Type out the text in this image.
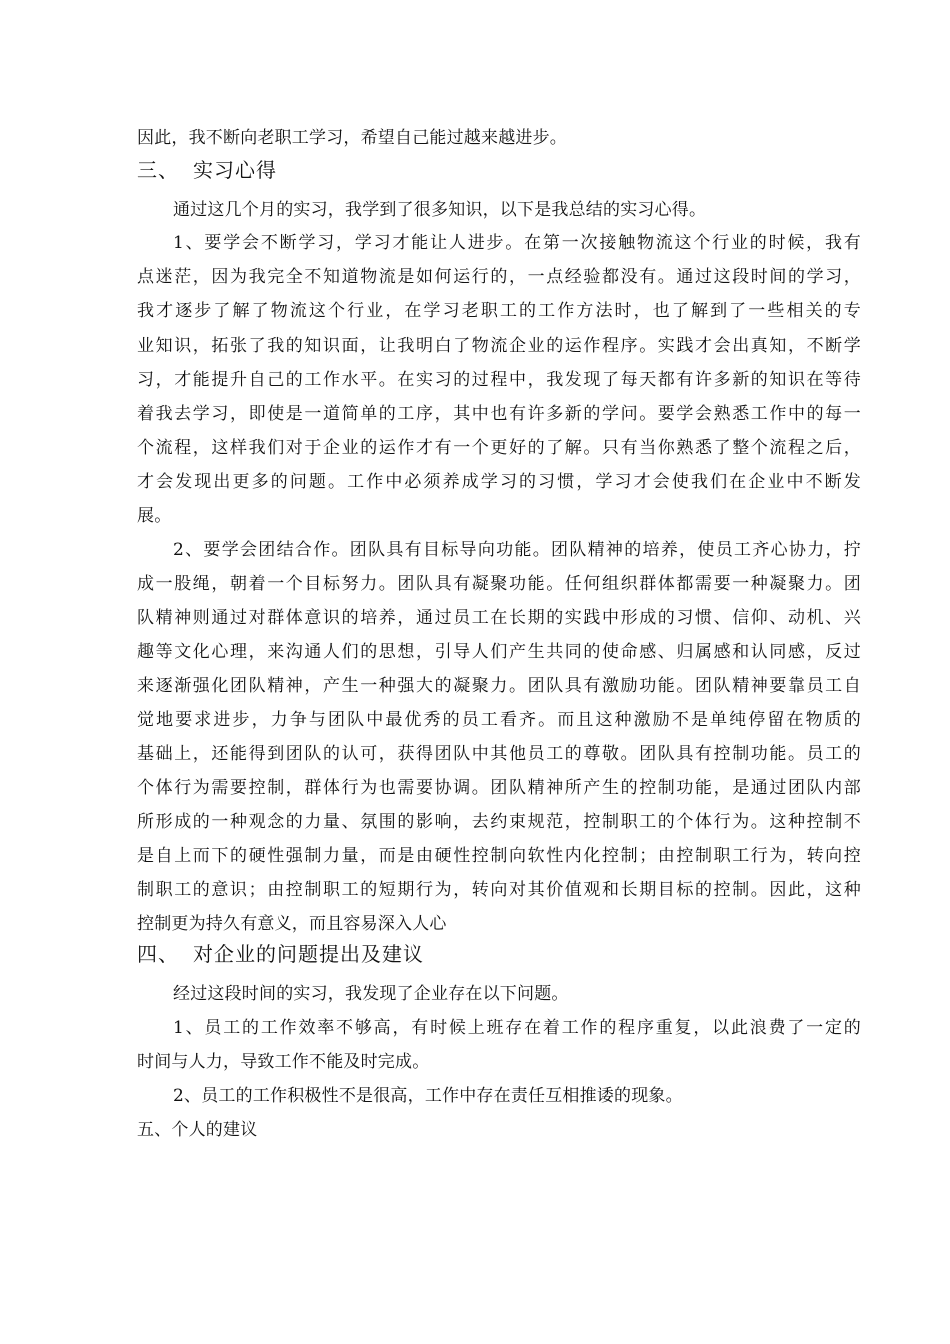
因此，我不断向老职工学习，希望自己能过越来越进步。
三、 实习心得
通过这几个月的实习，我学到了很多知识，以下是我总结的实习心得。
1、要学会不断学习，学习才能让人进步。在第一次接触物流这个行业的时候，我有
点迷茫，因为我完全不知道物流是如何运行的，一点经验都没有。通过这段时间的学习，
我才逐步了解了物流这个行业，在学习老职工的工作方法时，也了解到了一些相关的专
业知识，拓张了我的知识面，让我明白了物流企业的运作程序。实践才会出真知，不断学
习，才能提升自己的工作水平。在实习的过程中，我发现了每天都有许多新的知识在等待
着我去学习，即使是一道简单的工序，其中也有许多新的学问。要学会熟悉工作中的每一
个流程，这样我们对于企业的运作才有一个更好的了解。只有当你熟悉了整个流程之后，
才会发现出更多的问题。工作中必须养成学习的习惯，学习才会使我们在企业中不断发
展。
2、要学会团结合作。团队具有目标导向功能。团队精神的培养，使员工齐心协力，拧
成一股绳，朝着一个目标努力。团队具有凝聚功能。任何组织群体都需要一种凝聚力。团
队精神则通过对群体意识的培养，通过员工在长期的实践中形成的习惯、信仰、动机、兴
趣等文化心理，来沟通人们的思想，引导人们产生共同的使命感、归属感和认同感，反过
来逐渐强化团队精神，产生一种强大的凝聚力。团队具有激励功能。团队精神要靠员工自
觉地要求进步，力争与团队中最优秀的员工看齐。而且这种激励不是单纯停留在物质的
基础上，还能得到团队的认可，获得团队中其他员工的尊敬。团队具有控制功能。员工的
个体行为需要控制，群体行为也需要协调。团队精神所产生的控制功能，是通过团队内部
所形成的一种观念的力量、氛围的影响，去约束规范，控制职工的个体行为。这种控制不
是自上而下的硬性强制力量，而是由硬性控制向软性内化控制；由控制职工行为，转向控
制职工的意识；由控制职工的短期行为，转向对其价值观和长期目标的控制。因此，这种
控制更为持久有意义，而且容易深入人心
四、 对企业的问题提出及建议
经过这段时间的实习，我发现了企业存在以下问题。
1、员工的工作效率不够高，有时候上班存在着工作的程序重复，以此浪费了一定的
时间与人力，导致工作不能及时完成。
2、员工的工作积极性不是很高，工作中存在责任互相推诿的现象。
五、个人的建议
